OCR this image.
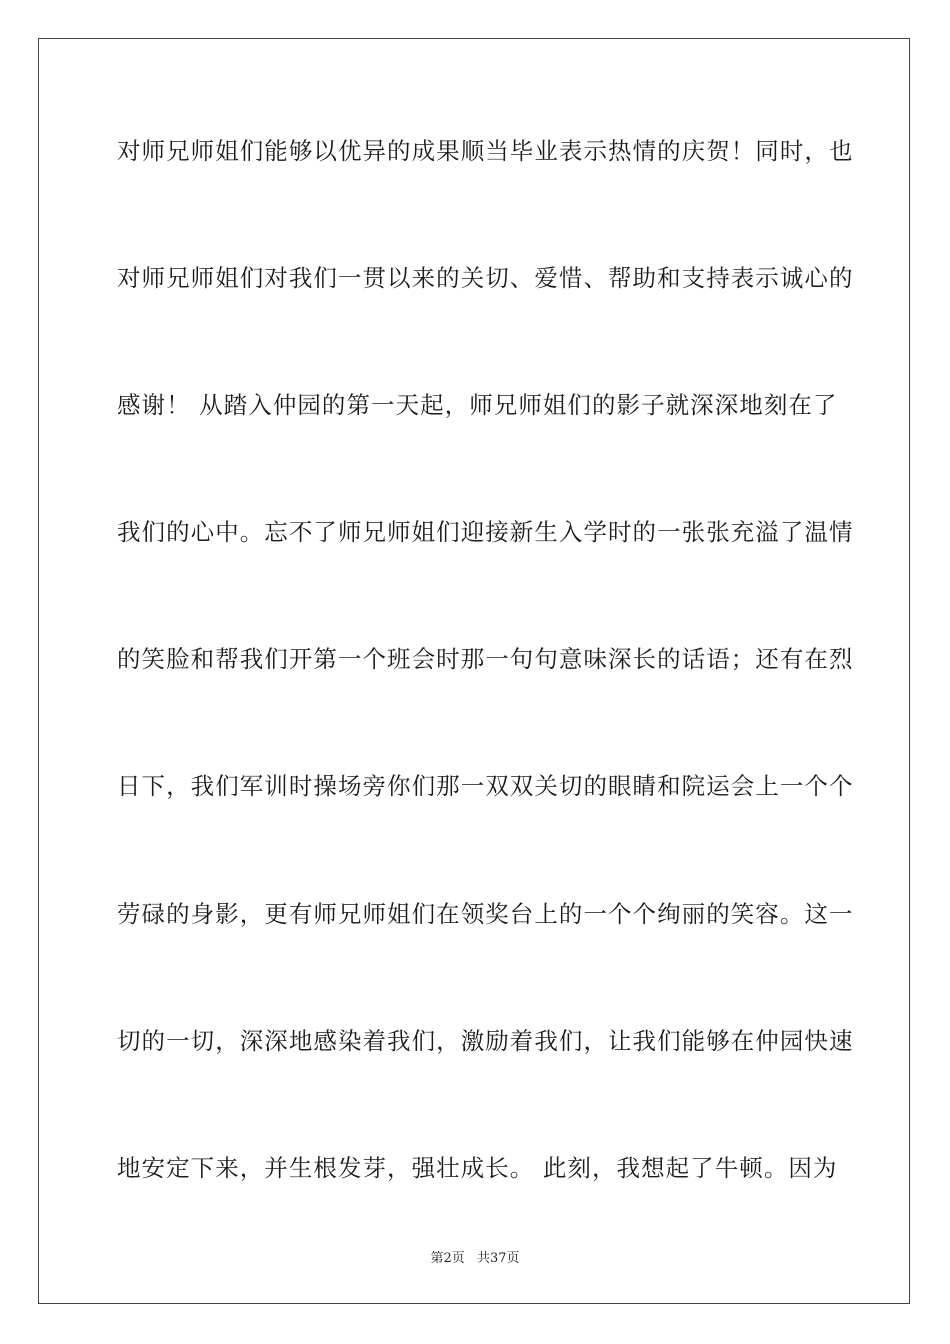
对师兄师姐们能够以优异的成果顺当毕业表示热情的庆贺！同时，也
对师兄师姐们对我们一贯以来的关切、爱惜、帮助和支持表示诚心的
感谢！ 从踏入仲园的第一天起，师兄师姐们的影子就深深地刻在了
我们的心中。忘不了师兄师姐们迎接新生入学时的一张张充溢了温情
的笑脸和帮我们开第一个班会时那一句句意味深长的话语；还有在烈
日下，我们军训时操场旁你们那一双双关切的眼睛和院运会上一个个
劳碌的身影，更有师兄师姐们在领奖台上的一个个绚丽的笑容。这一
切的一切，深深地感染着我们，激励着我们，让我们能够在仲园快速
地安定下来，并生根发芽，强壮成长。 此刻，我想起了牛顿。因为
第2页 共37页
